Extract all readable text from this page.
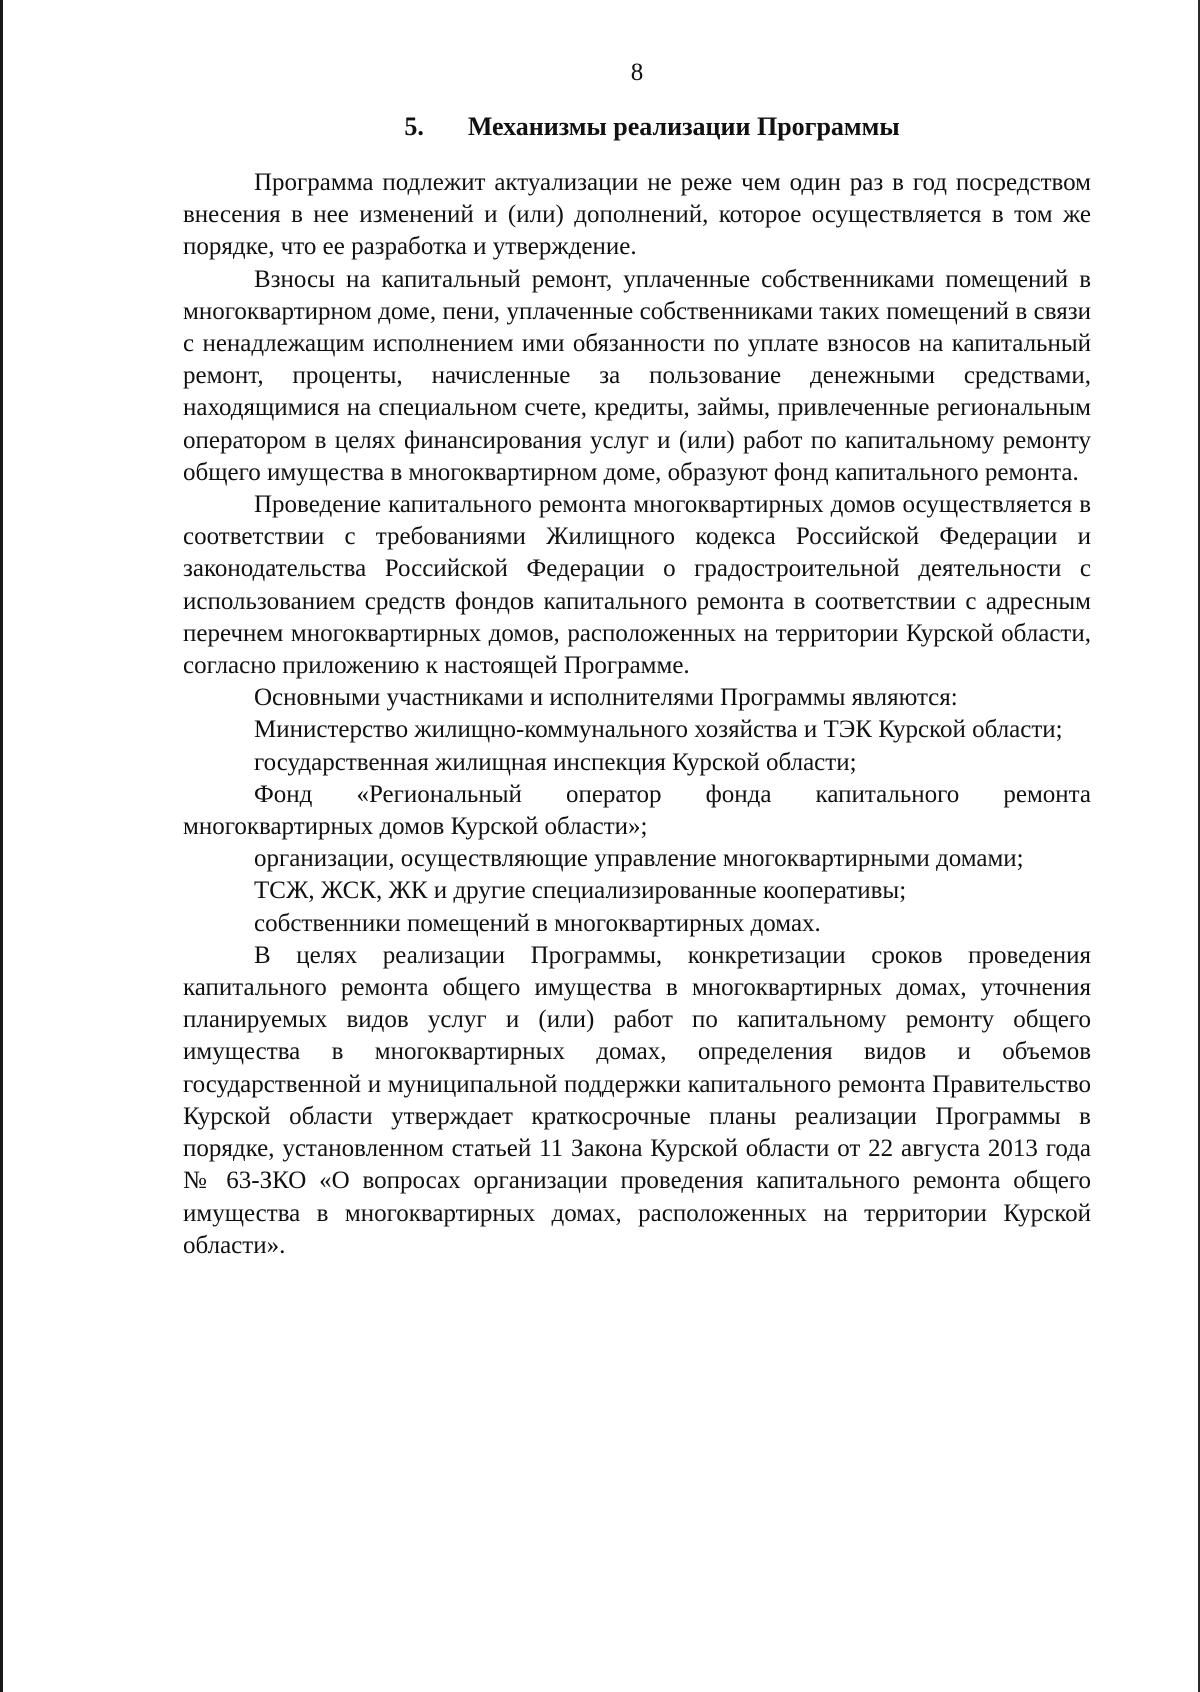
8
5. Механизмы реализации Программы

Программа подлежит актуализации не реже чем один раз в год посредством внесения в нее изменений и (или) дополнений, которое осуществляется в том же порядке, что ее разработка и утверждение.

Взносы на капитальный ремонт, уплаченные собственниками помещений в многоквартирном доме, пени, уплаченные собственниками таких помещений в связи с ненадлежащим исполнением ими обязанности по уплате взносов на капитальный ремонт, проценты, начисленные за пользование денежными средствами, находящимися на специальном счете, кредиты, займы, привлеченные региональным оператором в целях финансирования услуг и (или) работ по капитальному ремонту общего имущества в многоквартирном доме, образуют фонд капитального ремонта.

Проведение капитального ремонта многоквартирных домов осуществляется в соответствии с требованиями Жилищного кодекса Российской Федерации и законодательства Российской Федерации о градостроительной деятельности с использованием средств фондов капитального ремонта в соответствии с адресным перечнем многоквартирных домов, расположенных на территории Курской области, согласно приложению к настоящей Программе.

Основными участниками и исполнителями Программы являются:

Министерство жилищно-коммунального хозяйства и ТЭК Курской области;

государственная жилищная инспекция Курской области;

Фонд «Региональный оператор фонда капитального ремонта многоквартирных домов Курской области»;

организации, осуществляющие управление многоквартирными домами;

ТСЖ, ЖСК, ЖК и другие специализированные кооперативы;

собственники помещений в многоквартирных домах.

В целях реализации Программы, конкретизации сроков проведения капитального ремонта общего имущества в многоквартирных домах, уточнения планируемых видов услуг и (или) работ по капитальному ремонту общего имущества в многоквартирных домах, определения видов и объемов государственной и муниципальной поддержки капитального ремонта Правительство Курской области утверждает краткосрочные планы реализации Программы в порядке, установленном статьей 11 Закона Курской области от 22 августа 2013 года № 63-ЗКО «О вопросах организации проведения капитального ремонта общего имущества в многоквартирных домах, расположенных на территории Курской области».
